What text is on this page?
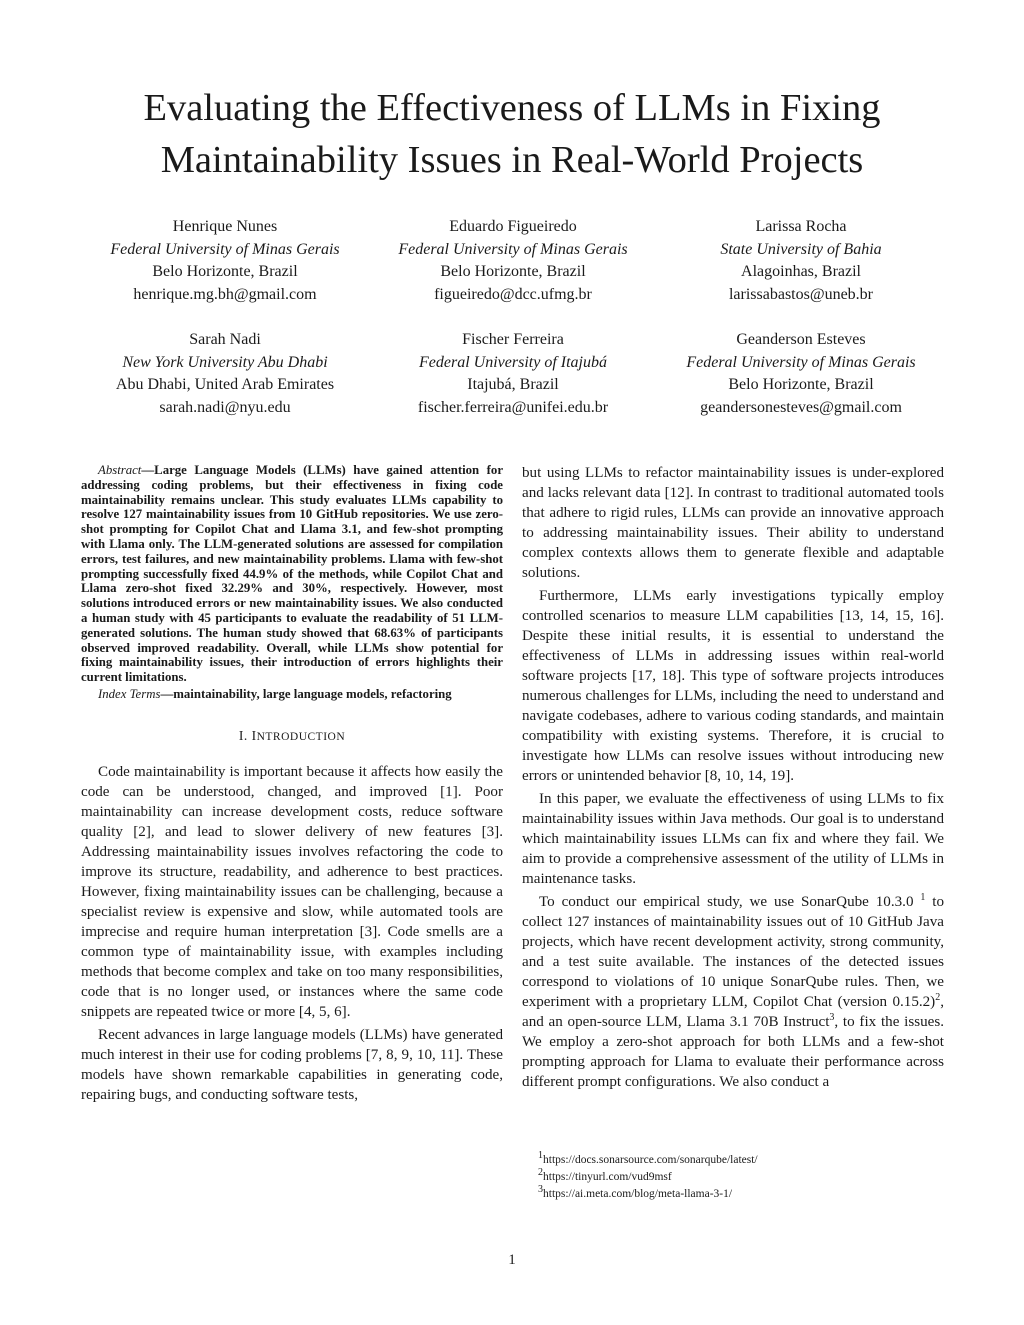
Evaluating the Effectiveness of LLMs in Fixing
Maintainability Issues in Real-World Projects
Henrique Nunes
Federal University of Minas Gerais
Belo Horizonte, Brazil
henrique.mg.bh@gmail.com
Eduardo Figueiredo
Federal University of Minas Gerais
Belo Horizonte, Brazil
figueiredo@dcc.ufmg.br
Larissa Rocha
State University of Bahia
Alagoinhas, Brazil
larissabastos@uneb.br
Sarah Nadi
New York University Abu Dhabi
Abu Dhabi, United Arab Emirates
sarah.nadi@nyu.edu
Fischer Ferreira
Federal University of Itajubá
Itajubá, Brazil
fischer.ferreira@unifei.edu.br
Geanderson Esteves
Federal University of Minas Gerais
Belo Horizonte, Brazil
geandersonesteves@gmail.com

Abstract—Large Language Models (LLMs) have gained attention for addressing coding problems, but their effectiveness in fixing code maintainability remains unclear. This study evaluates LLMs capability to resolve 127 maintainability issues from 10 GitHub repositories. We use zero-shot prompting for Copilot Chat and Llama 3.1, and few-shot prompting with Llama only. The LLM-generated solutions are assessed for compilation errors, test failures, and new maintainability problems. Llama with few-shot prompting successfully fixed 44.9% of the methods, while Copilot Chat and Llama zero-shot fixed 32.29% and 30%, respectively. However, most solutions introduced errors or new maintainability issues. We also conducted a human study with 45 participants to evaluate the readability of 51 LLM-generated solutions. The human study showed that 68.63% of participants observed improved readability. Overall, while LLMs show potential for fixing maintainability issues, their introduction of errors highlights their current limitations.

Index Terms—maintainability, large language models, refactoring

I. INTRODUCTION

Code maintainability is important because it affects how easily the code can be understood, changed, and improved [1]. Poor maintainability can increase development costs, reduce software quality [2], and lead to slower delivery of new features [3]. Addressing maintainability issues involves refactoring the code to improve its structure, readability, and adherence to best practices. However, fixing maintainability issues can be challenging, because a specialist review is expensive and slow, while automated tools are imprecise and require human interpretation [3]. Code smells are a common type of maintainability issue, with examples including methods that become complex and take on too many responsibilities, code that is no longer used, or instances where the same code snippets are repeated twice or more [4, 5, 6].

Recent advances in large language models (LLMs) have generated much interest in their use for coding problems [7, 8, 9, 10, 11]. These models have shown remarkable capabilities in generating code, repairing bugs, and conducting software tests,

but using LLMs to refactor maintainability issues is under-explored and lacks relevant data [12]. In contrast to traditional automated tools that adhere to rigid rules, LLMs can provide an innovative approach to addressing maintainability issues. Their ability to understand complex contexts allows them to generate flexible and adaptable solutions.

Furthermore, LLMs early investigations typically employ controlled scenarios to measure LLM capabilities [13, 14, 15, 16]. Despite these initial results, it is essential to understand the effectiveness of LLMs in addressing issues within real-world software projects [17, 18]. This type of software projects introduces numerous challenges for LLMs, including the need to understand and navigate codebases, adhere to various coding standards, and maintain compatibility with existing systems. Therefore, it is crucial to investigate how LLMs can resolve issues without introducing new errors or unintended behavior [8, 10, 14, 19].

In this paper, we evaluate the effectiveness of using LLMs to fix maintainability issues within Java methods. Our goal is to understand which maintainability issues LLMs can fix and where they fail. We aim to provide a comprehensive assessment of the utility of LLMs in maintenance tasks.

To conduct our empirical study, we use SonarQube 10.3.0 $^1$ to collect 127 instances of maintainability issues out of 10 GitHub Java projects, which have recent development activity, strong community, and a test suite available. The instances of the detected issues correspond to violations of 10 unique SonarQube rules. Then, we experiment with a proprietary LLM, Copilot Chat (version 0.15.2)$^2$, and an open-source LLM, Llama 3.1 70B Instruct$^3$, to fix the issues. We employ a zero-shot approach for both LLMs and a few-shot prompting approach for Llama to evaluate their performance across different prompt configurations. We also conduct a

$^1$https://docs.sonarsource.com/sonarqube/latest/
$^2$https://tinyurl.com/vud9msf
$^3$https://ai.meta.com/blog/meta-llama-3-1/
1
